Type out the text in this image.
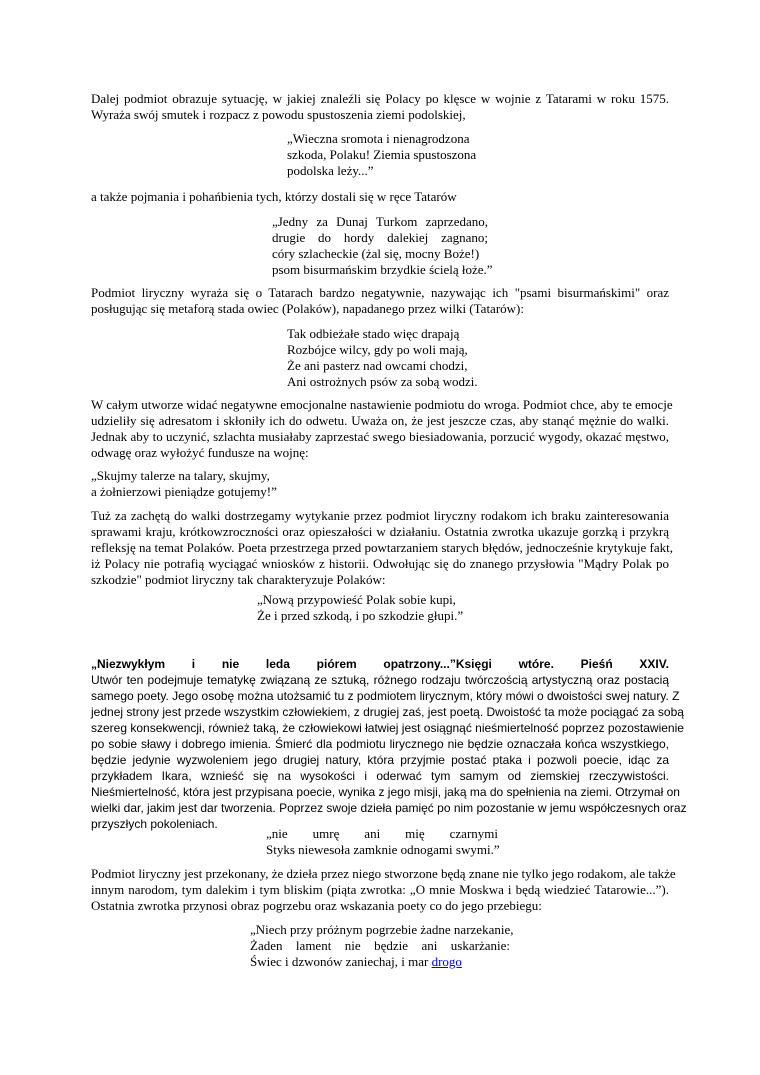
Dalej podmiot obrazuje sytuację, w jakiej znaleźli się Polacy po klęsce w wojnie z Tatarami w roku 1575.
Wyraża swój smutek i rozpacz z powodu spustoszenia ziemi podolskiej,
„Wieczna sromota i nienagrodzona
szkoda, Polaku! Ziemia spustoszona
podolska leży...”
a także pojmania i pohańbienia tych, którzy dostali się w ręce Tatarów
„Jedny za Dunaj Turkom zaprzedano,
drugie do hordy dalekiej zagnano;
córy szlacheckie (żal się, mocny Boże!)
psom bisurmańskim brzydkie ścielą łoże.”
Podmiot liryczny wyraża się o Tatarach bardzo negatywnie, nazywając ich "psami bisurmańskimi" oraz
posługując się metaforą stada owiec (Polaków), napadanego przez wilki (Tatarów):
Tak odbieżałe stado więc drapają
Rozbójce wilcy, gdy po woli mają,
Że ani pasterz nad owcami chodzi,
Ani ostrożnych psów za sobą wodzi.
W całym utworze widać negatywne emocjonalne nastawienie podmiotu do wroga. Podmiot chce, aby te emocje
udzieliły się adresatom i skłoniły ich do odwetu. Uważa on, że jest jeszcze czas, aby stanąć mężnie do walki.
Jednak aby to uczynić, szlachta musiałaby zaprzestać swego biesiadowania, porzucić wygody, okazać męstwo,
odwagę oraz wyłożyć fundusze na wojnę:
„Skujmy talerze na talary, skujmy,
a żołnierzowi pieniądze gotujemy!”
Tuż za zachętą do walki dostrzegamy wytykanie przez podmiot liryczny rodakom ich braku zainteresowania
sprawami kraju, krótkowzroczności oraz opieszałości w działaniu. Ostatnia zwrotka ukazuje gorzką i przykrą
refleksję na temat Polaków. Poeta przestrzega przed powtarzaniem starych błędów, jednocześnie krytykuje fakt,
iż Polacy nie potrafią wyciągać wniosków z historii. Odwołując się do znanego przysłowia "Mądry Polak po
szkodzie" podmiot liryczny tak charakteryzuje Polaków:
„Nową przypowieść Polak sobie kupi,
Że i przed szkodą, i po szkodzie głupi.”
„Niezwykłym i nie leda piórem opatrzony...”Księgi wtóre. Pieśń XXIV.
Utwór ten podejmuje tematykę związaną ze sztuką, różnego rodzaju twórczością artystyczną oraz postacią
samego poety. Jego osobę można utożsamić tu z podmiotem lirycznym, który mówi o dwoistości swej natury. Z
jednej strony jest przede wszystkim człowiekiem, z drugiej zaś, jest poetą. Dwoistość ta może pociągać za sobą
szereg konsekwencji, również taką, że człowiekowi łatwiej jest osiągnąć nieśmiertelność poprzez pozostawienie
po sobie sławy i dobrego imienia. Śmierć dla podmiotu lirycznego nie będzie oznaczała końca wszystkiego,
będzie jedynie wyzwoleniem jego drugiej natury, która przyjmie postać ptaka i pozwoli poecie, idąc za
przykładem Ikara, wznieść się na wysokości i oderwać tym samym od ziemskiej rzeczywistości.
Nieśmiertelność, która jest przypisana poecie, wynika z jego misji, jaką ma do spełnienia na ziemi. Otrzymał on
wielki dar, jakim jest dar tworzenia. Poprzez swoje dzieła pamięć po nim pozostanie w jemu współczesnych oraz
przyszłych pokoleniach.
„nie umrę ani mię czarnymi
Styks niewesoła zamknie odnogami swymi.”
Podmiot liryczny jest przekonany, że dzieła przez niego stworzone będą znane nie tylko jego rodakom, ale także
innym narodom, tym dalekim i tym bliskim (piąta zwrotka: „O mnie Moskwa i będą wiedzieć Tatarowie...”).
Ostatnia zwrotka przynosi obraz pogrzebu oraz wskazania poety co do jego przebiegu:
„Niech przy próżnym pogrzebie żadne narzekanie,
Żaden lament nie będzie ani uskarżanie:
Świec i dzwonów zaniechaj, i mar drogo
